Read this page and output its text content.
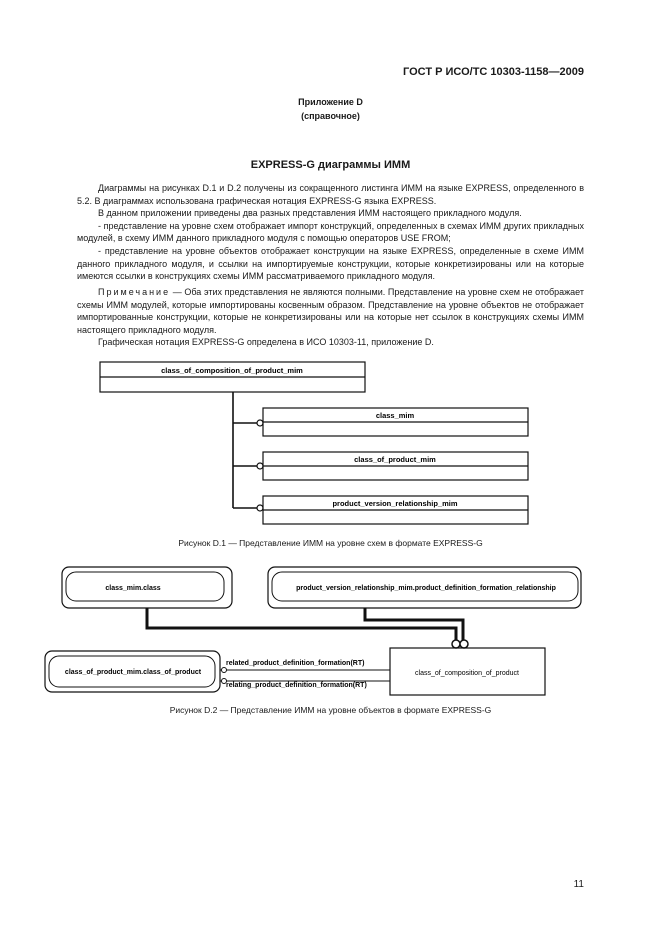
ГОСТ Р ИСО/ТС 10303-1158—2009
Приложение D
(справочное)
EXPRESS-G диаграммы ИММ

Диаграммы на рисунках D.1 и D.2 получены из сокращенного листинга ИММ на языке EXPRESS, определенного в 5.2. В диаграммах использована графическая нотация EXPRESS-G языка EXPRESS.

В данном приложении приведены два разных представления ИММ настоящего прикладного модуля.

- представление на уровне схем отображает импорт конструкций, определенных в схемах ИММ других прикладных модулей, в схему ИММ данного прикладного модуля с помощью операторов USE FROM;

- представление на уровне объектов отображает конструкции на языке EXPRESS, определенные в схеме ИММ данного прикладного модуля, и ссылки на импортируемые конструкции, которые конкретизированы или на которые имеются ссылки в конструкциях схемы ИММ рассматриваемого прикладного модуля.

Примечание — Оба этих представления не являются полными. Представление на уровне схем не отображает схемы ИММ модулей, которые импортированы косвенным образом. Представление на уровне объектов не отображает импортированные конструкции, которые не конкретизированы или на которые нет ссылок в конструкциях схемы ИММ настоящего прикладного модуля.

Графическая нотация EXPRESS-G определена в ИСО 10303-11, приложение D.

class_of_composition_of_product_mim
class_mim
class_of_product_mim
product_version_relationship_mim
Рисунок D.1 — Представление ИММ на уровне схем в формате EXPRESS-G
class_mim.class	product_version_relationship_mim.product_definition_formation_relationship
class_of_product_mim.class_of_product	class_of_composition_of_product
related_product_definition_formation(RT)
relating_product_definition_formation(RT)
Рисунок D.2 — Представление ИММ на уровне объектов в формате EXPRESS-G
11
